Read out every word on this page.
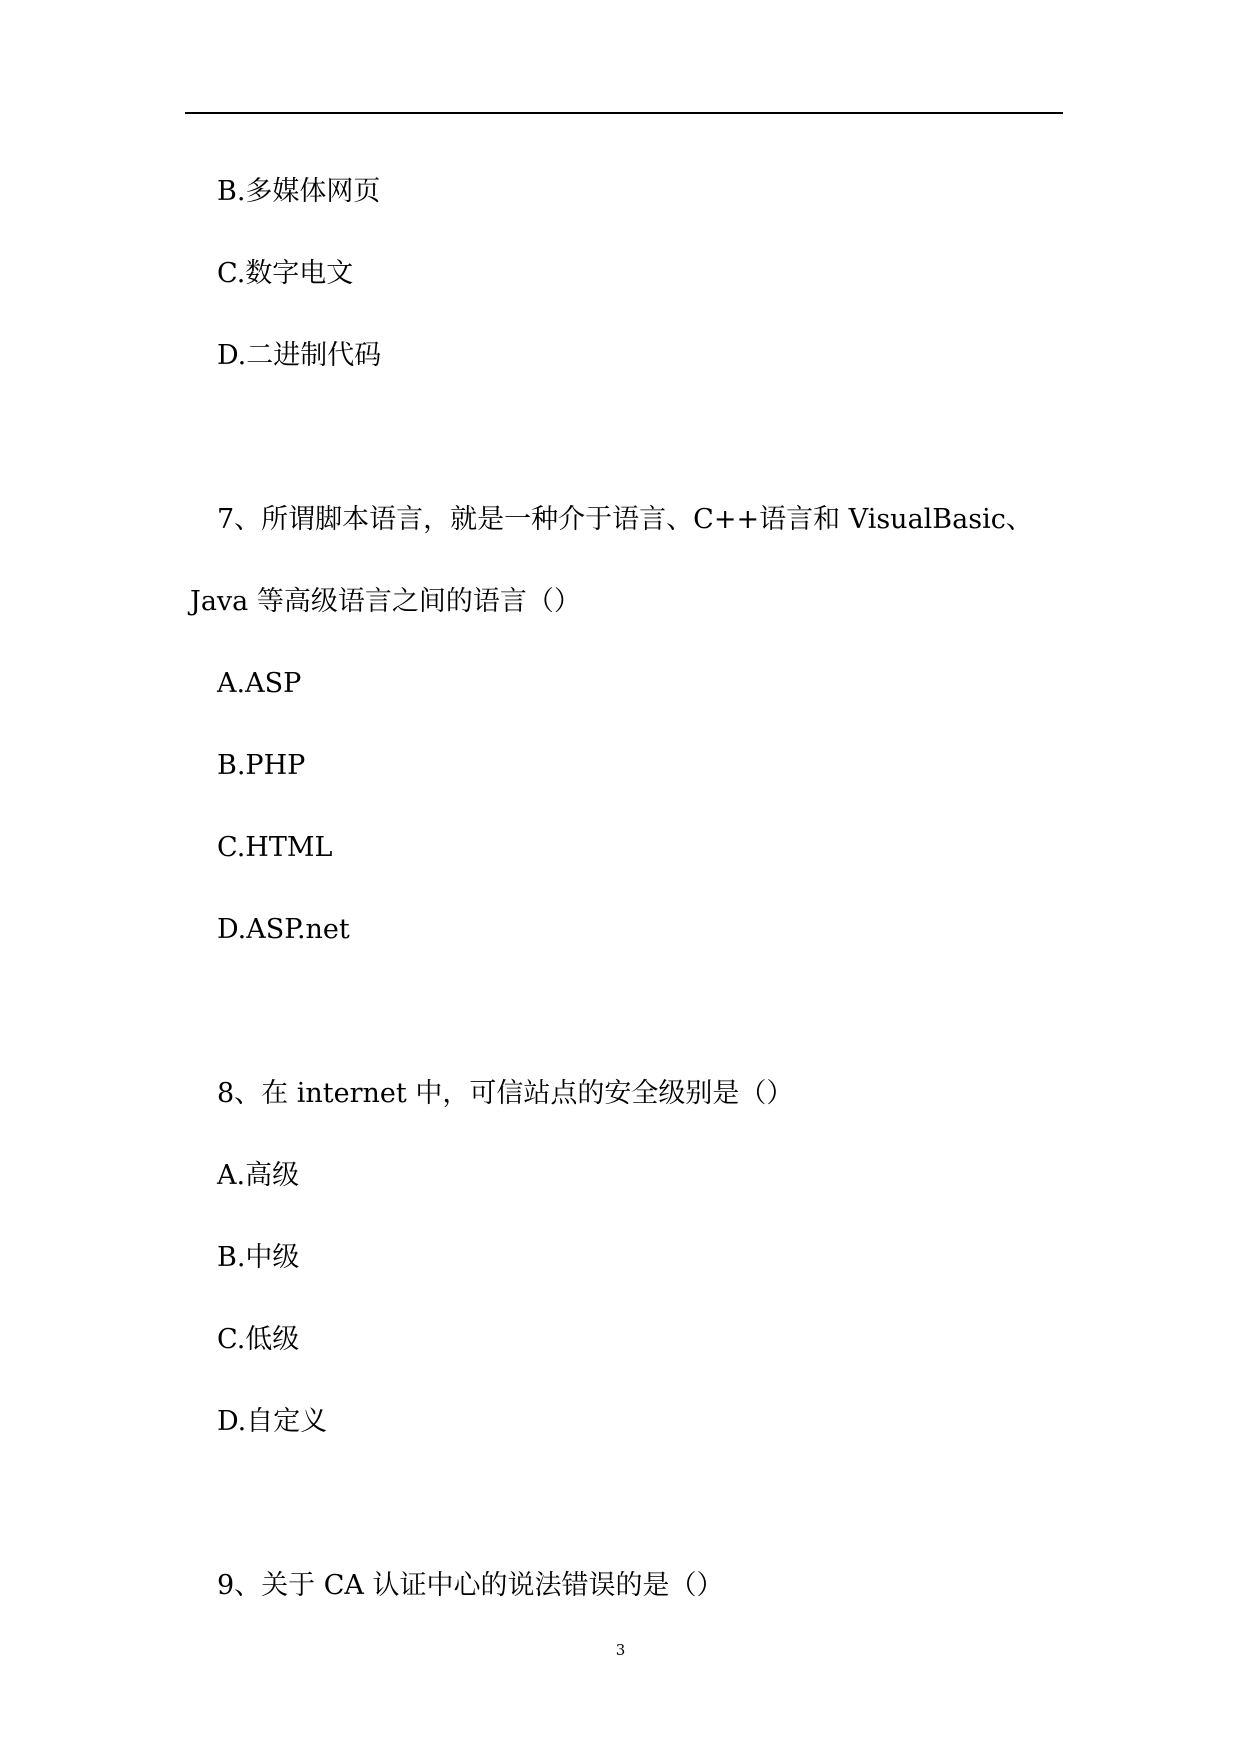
B.多媒体网页
C.数字电文
D.二进制代码
7、所谓脚本语言，就是一种介于语言、C++语言和 VisualBasic、
Java 等高级语言之间的语言（）
A.ASP
B.PHP
C.HTML
D.ASP.net
8、在 internet 中，可信站点的安全级别是（）
A.高级
B.中级
C.低级
D.自定义
9、关于 CA 认证中心的说法错误的是（）
3
